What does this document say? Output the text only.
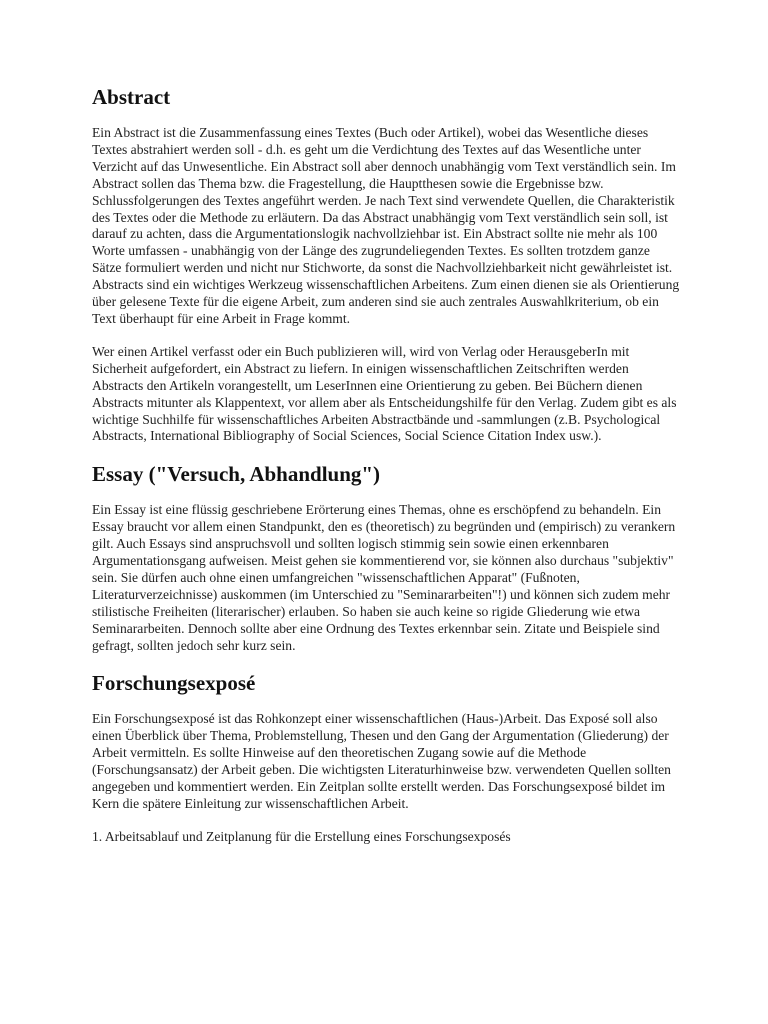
Abstract

Ein Abstract ist die Zusammenfassung eines Textes (Buch oder Artikel), wobei das Wesentliche dieses Textes abstrahiert werden soll - d.h. es geht um die Verdichtung des Textes auf das Wesentliche unter Verzicht auf das Unwesentliche. Ein Abstract soll aber dennoch unabhängig vom Text verständlich sein. Im Abstract sollen das Thema bzw. die Fragestellung, die Hauptthesen sowie die Ergebnisse bzw. Schlussfolgerungen des Textes angeführt werden. Je nach Text sind verwendete Quellen, die Charakteristik des Textes oder die Methode zu erläutern. Da das Abstract unabhängig vom Text verständlich sein soll, ist darauf zu achten, dass die Argumentationslogik nachvollziehbar ist. Ein Abstract sollte nie mehr als 100 Worte umfassen - unabhängig von der Länge des zugrundeliegenden Textes. Es sollten trotzdem ganze Sätze formuliert werden und nicht nur Stichworte, da sonst die Nachvollziehbarkeit nicht gewährleistet ist. Abstracts sind ein wichtiges Werkzeug wissenschaftlichen Arbeitens. Zum einen dienen sie als Orientierung über gelesene Texte für die eigene Arbeit, zum anderen sind sie auch zentrales Auswahlkriterium, ob ein Text überhaupt für eine Arbeit in Frage kommt.

Wer einen Artikel verfasst oder ein Buch publizieren will, wird von Verlag oder HerausgeberIn mit Sicherheit aufgefordert, ein Abstract zu liefern. In einigen wissenschaftlichen Zeitschriften werden Abstracts den Artikeln vorangestellt, um LeserInnen eine Orientierung zu geben. Bei Büchern dienen Abstracts mitunter als Klappentext, vor allem aber als Entscheidungshilfe für den Verlag. Zudem gibt es als wichtige Suchhilfe für wissenschaftliches Arbeiten Abstractbände und -sammlungen (z.B. Psychological Abstracts, International Bibliography of Social Sciences, Social Science Citation Index usw.).

Essay ("Versuch, Abhandlung")

Ein Essay ist eine flüssig geschriebene Erörterung eines Themas, ohne es erschöpfend zu behandeln. Ein Essay braucht vor allem einen Standpunkt, den es (theoretisch) zu begründen und (empirisch) zu verankern gilt. Auch Essays sind anspruchsvoll und sollten logisch stimmig sein sowie einen erkennbaren Argumentationsgang aufweisen. Meist gehen sie kommentierend vor, sie können also durchaus "subjektiv" sein. Sie dürfen auch ohne einen umfangreichen "wissenschaftlichen Apparat" (Fußnoten, Literaturverzeichnisse) auskommen (im Unterschied zu "Seminararbeiten"!) und können sich zudem mehr stilistische Freiheiten (literarischer) erlauben. So haben sie auch keine so rigide Gliederung wie etwa Seminararbeiten. Dennoch sollte aber eine Ordnung des Textes erkennbar sein. Zitate und Beispiele sind gefragt, sollten jedoch sehr kurz sein.

Forschungsexposé

Ein Forschungsexposé ist das Rohkonzept einer wissenschaftlichen (Haus-)Arbeit. Das Exposé soll also einen Überblick über Thema, Problemstellung, Thesen und den Gang der Argumentation (Gliederung) der Arbeit vermitteln. Es sollte Hinweise auf den theoretischen Zugang sowie auf die Methode (Forschungsansatz) der Arbeit geben. Die wichtigsten Literaturhinweise bzw. verwendeten Quellen sollten angegeben und kommentiert werden. Ein Zeitplan sollte erstellt werden. Das Forschungsexposé bildet im Kern die spätere Einleitung zur wissenschaftlichen Arbeit.

1. Arbeitsablauf und Zeitplanung für die Erstellung eines Forschungsexposés
